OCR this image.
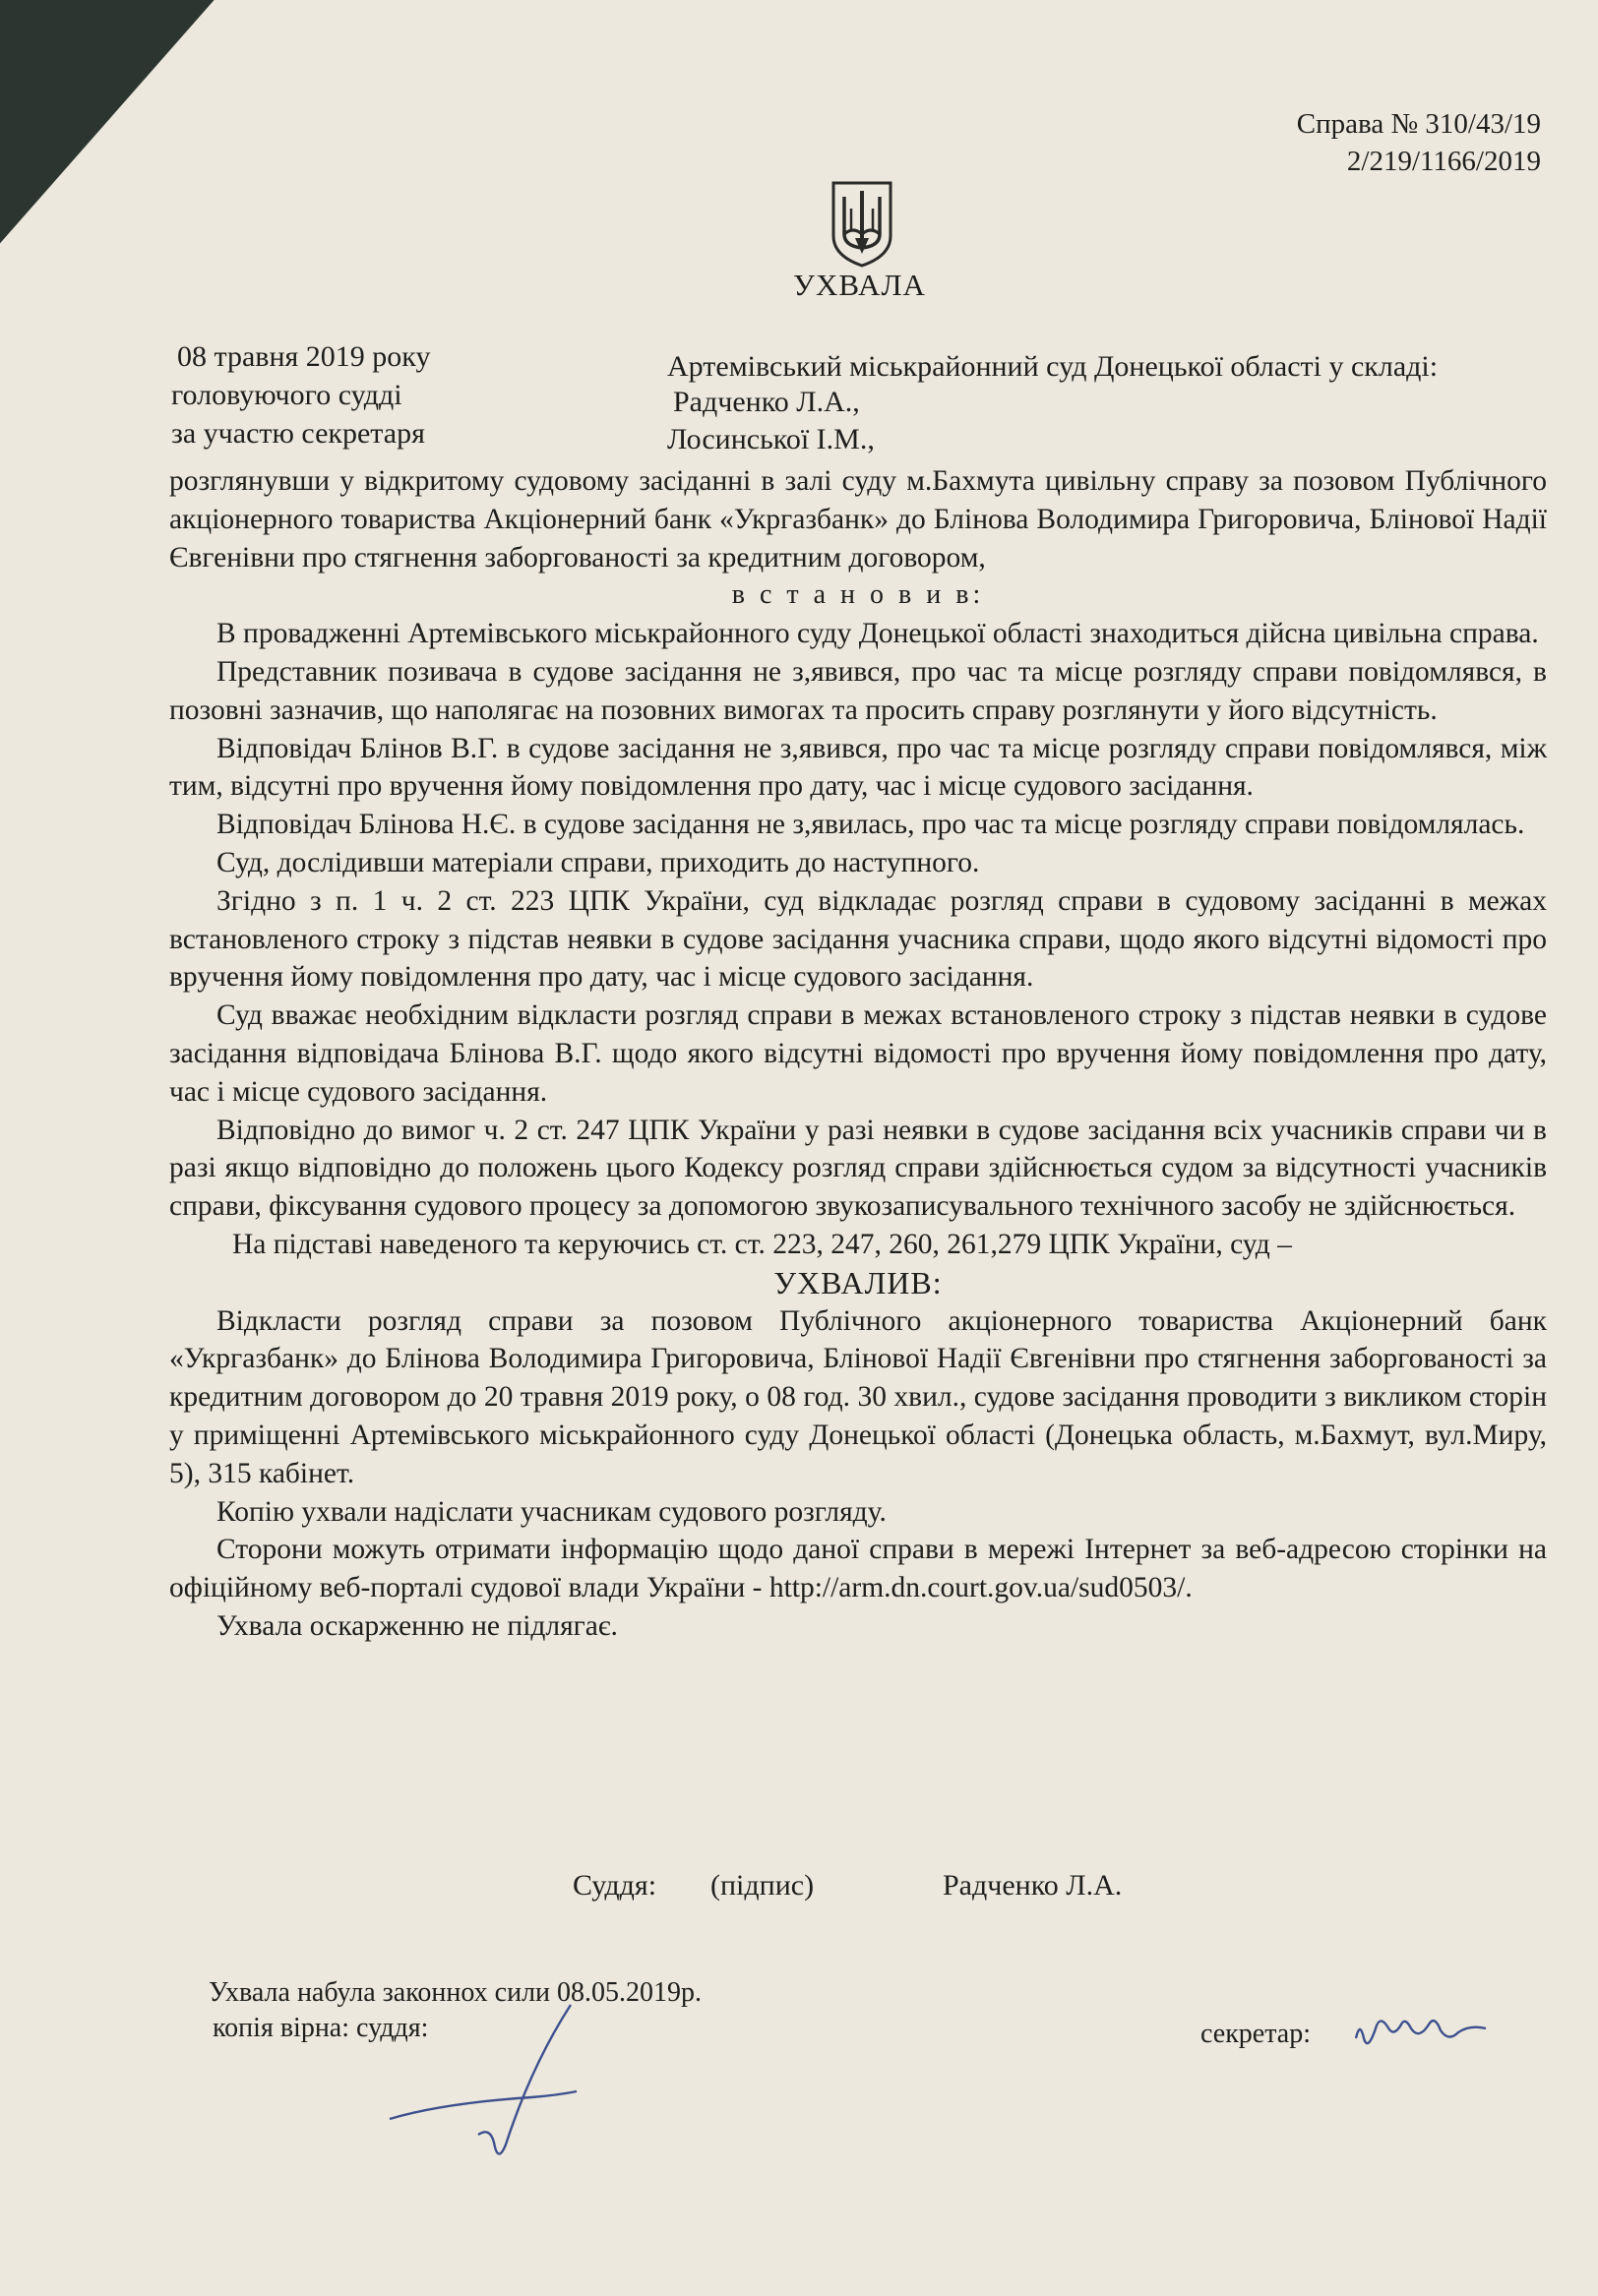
Справа № 310/43/19
2/219/1166/2019
УХВАЛА
08 травня 2019 року
головуючого судді
за участю секретаря
Артемівський міськрайонний суд Донецької області у складі:
Радченко Л.А.,
Лосинської І.М.,

розглянувши у відкритому судовому засіданні в залі суду м.Бахмута цивільну справу за позовом Публічного акціонерного товариства Акціонерний банк «Укргазбанк» до Блінова Володимира Григоровича, Блінової Надії Євгенівни про стягнення заборгованості за кредитним договором,

в с т а н о в и в:

В провадженні Артемівського міськрайонного суду Донецької області знаходиться дійсна цивільна справа.

Представник позивача в судове засідання не з,явився, про час та місце розгляду справи повідомлявся, в позовні зазначив, що наполягає на позовних вимогах та просить справу розглянути у його відсутність.

Відповідач Блінов В.Г. в судове засідання не з,явився, про час та місце розгляду справи повідомлявся, між тим, відсутні про вручення йому повідомлення про дату, час і місце судового засідання.

Відповідач Блінова Н.Є. в судове засідання не з,явилась, про час та місце розгляду справи повідомлялась.

Суд, дослідивши матеріали справи, приходить до наступного.

Згідно з п. 1 ч. 2 ст. 223 ЦПК України, суд відкладає розгляд справи в судовому засіданні в межах встановленого строку з підстав неявки в судове засідання учасника справи, щодо якого відсутні відомості про вручення йому повідомлення про дату, час і місце судового засідання.

Суд вважає необхідним відкласти розгляд справи в межах встановленого строку з підстав неявки в судове засідання відповідача Блінова В.Г. щодо якого відсутні відомості про вручення йому повідомлення про дату, час і місце судового засідання.

Відповідно до вимог ч. 2 ст. 247 ЦПК України у разі неявки в судове засідання всіх учасників справи чи в разі якщо відповідно до положень цього Кодексу розгляд справи здійснюється судом за відсутності учасників справи, фіксування судового процесу за допомогою звукозаписувального технічного засобу не здійснюється.

На підставі наведеного та керуючись ст. ст. 223, 247, 260, 261,279 ЦПК України, суд –

УХВАЛИВ:

Відкласти розгляд справи за позовом Публічного акціонерного товариства Акціонерний банк «Укргазбанк» до Блінова Володимира Григоровича, Блінової Надії Євгенівни про стягнення заборгованості за кредитним договором до 20 травня 2019 року, о 08 год. 30 хвил., судове засідання проводити з викликом сторін у приміщенні Артемівського міськрайонного суду Донецької області (Донецька область, м.Бахмут, вул.Миру, 5), 315 кабінет.

Копію ухвали надіслати учасникам судового розгляду.

Сторони можуть отримати інформацію щодо даної справи в мережі Інтернет за веб-адресою сторінки на офіційному веб-порталі судової влади України - http://arm.dn.court.gov.ua/sud0503/.

Ухвала оскарженню не підлягає.

Суддя: (підпис)	Радченко Л.А.
Ухвала набула законнох сили 08.05.2019р.
копія вірна: суддя:	секретар:
